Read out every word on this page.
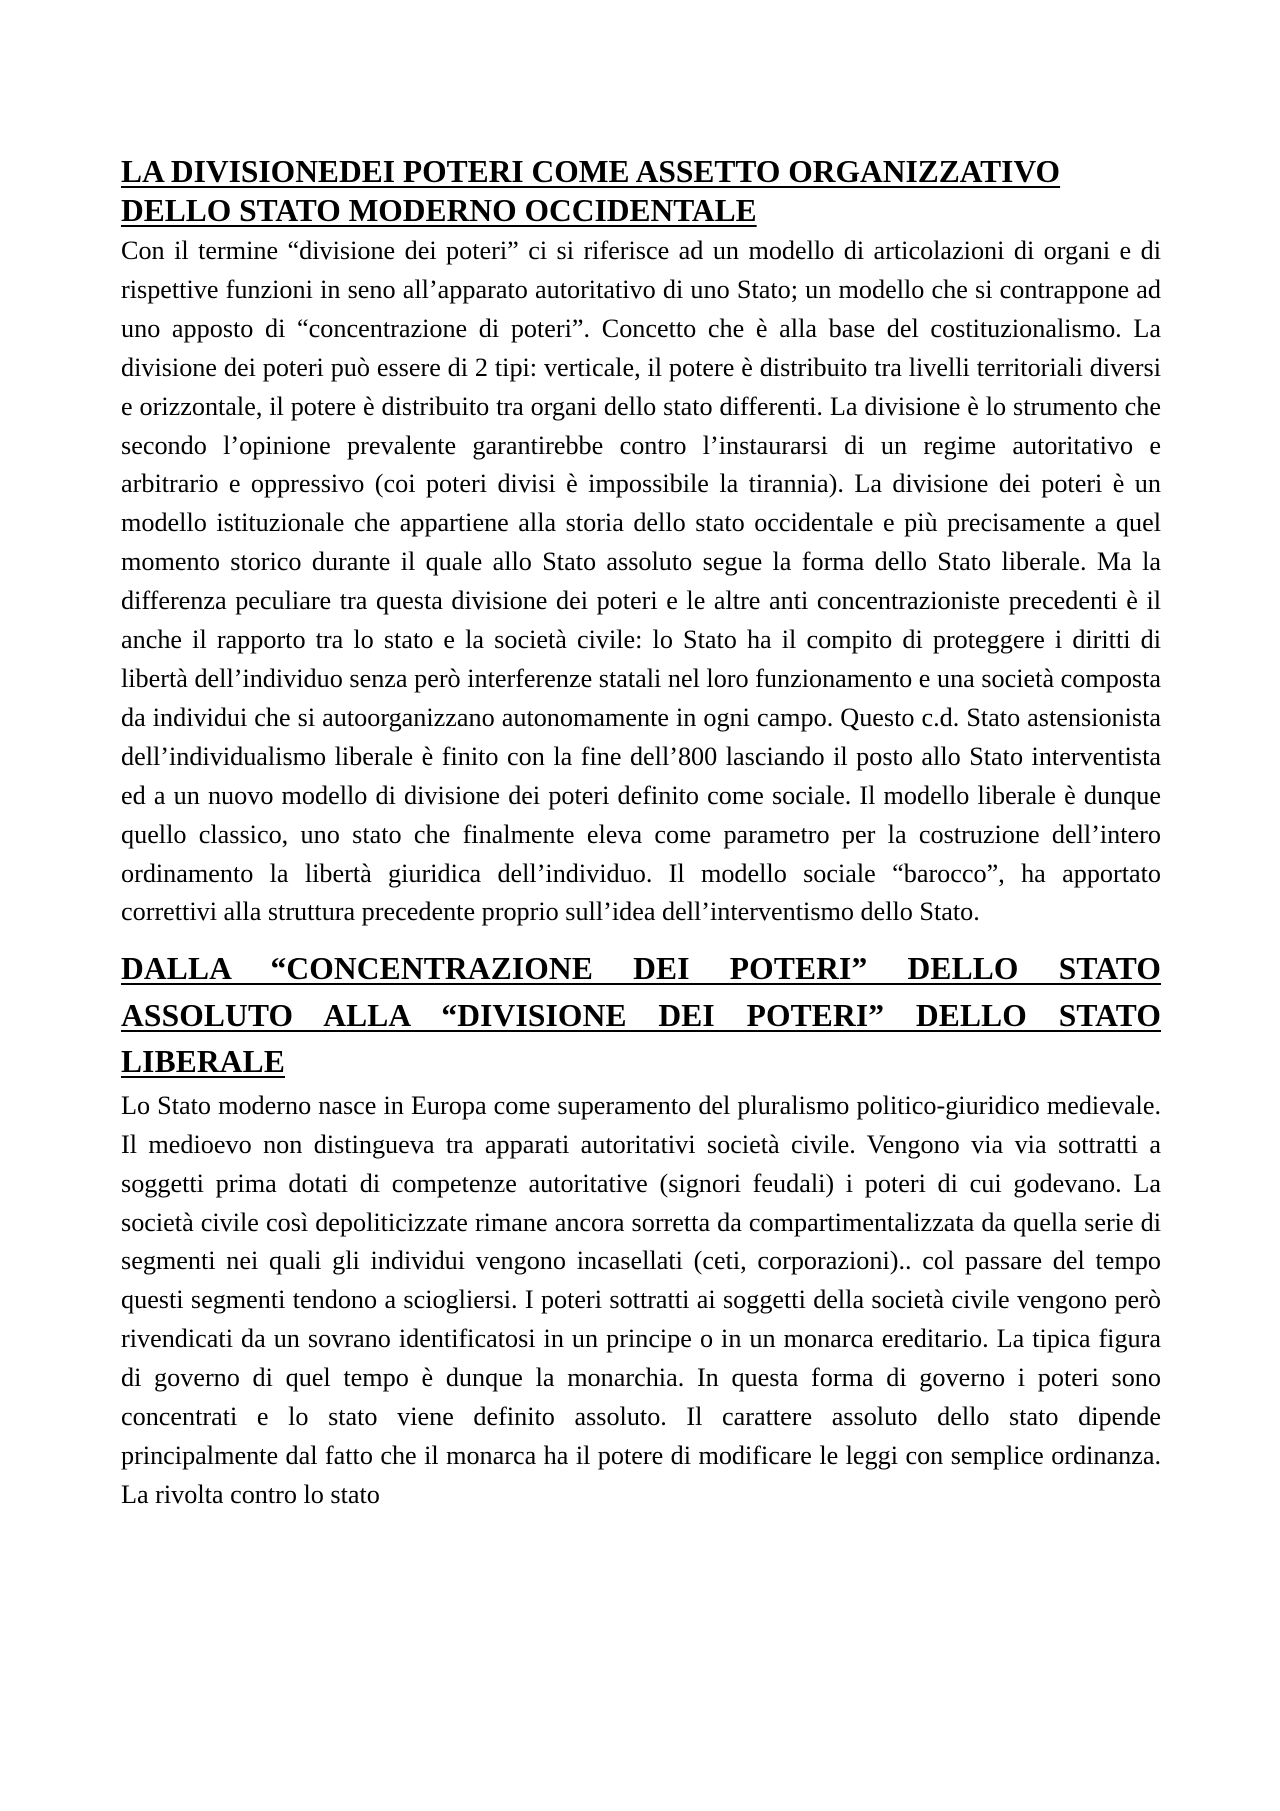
LA DIVISIONEDEI POTERI COME ASSETTO ORGANIZZATIVO DELLO STATO MODERNO OCCIDENTALE

Con il termine “divisione dei poteri” ci si riferisce ad un modello di articolazioni di organi e di rispettive funzioni in seno all’apparato autoritativo di uno Stato; un modello che si contrappone ad uno apposto di “concentrazione di poteri”. Concetto che è alla base del costituzionalismo. La divisione dei poteri può essere di 2 tipi: verticale, il potere è distribuito tra livelli territoriali diversi e orizzontale, il potere è distribuito tra organi dello stato differenti. La divisione è lo strumento che secondo l’opinione prevalente garantirebbe contro l’instaurarsi di un regime autoritativo e arbitrario e oppressivo (coi poteri divisi è impossibile la tirannia). La divisione dei poteri è un modello istituzionale che appartiene alla storia dello stato occidentale e più precisamente a quel momento storico durante il quale allo Stato assoluto segue la forma dello Stato liberale. Ma la differenza peculiare tra questa divisione dei poteri e le altre anti concentrazioniste precedenti è il anche il rapporto tra lo stato e la società civile: lo Stato ha il compito di proteggere i diritti di libertà dell’individuo senza però interferenze statali nel loro funzionamento e una società composta da individui che si autoorganizzano autonomamente in ogni campo. Questo c.d. Stato astensionista dell’individualismo liberale è finito con la fine dell’800 lasciando il posto allo Stato interventista ed a un nuovo modello di divisione dei poteri definito come sociale. Il modello liberale è dunque quello classico, uno stato che finalmente eleva come parametro per la costruzione dell’intero ordinamento la libertà giuridica dell’individuo. Il modello sociale “barocco”, ha apportato correttivi alla struttura precedente proprio sull’idea dell’interventismo dello Stato.

DALLA “CONCENTRAZIONE DEI POTERI” DELLO STATO ASSOLUTO ALLA “DIVISIONE DEI POTERI” DELLO STATO LIBERALE

Lo Stato moderno nasce in Europa come superamento del pluralismo politico-giuridico medievale. Il medioevo non distingueva tra apparati autoritativi società civile. Vengono via via sottratti a soggetti prima dotati di competenze autoritative (signori feudali) i poteri di cui godevano. La società civile così depoliticizzate rimane ancora sorretta da compartimentalizzata da quella serie di segmenti nei quali gli individui vengono incasellati (ceti, corporazioni).. col passare del tempo questi segmenti tendono a sciogliersi. I poteri sottratti ai soggetti della società civile vengono però rivendicati da un sovrano identificatosi in un principe o in un monarca ereditario. La tipica figura di governo di quel tempo è dunque la monarchia. In questa forma di governo i poteri sono concentrati e lo stato viene definito assoluto. Il carattere assoluto dello stato dipende principalmente dal fatto che il monarca ha il potere di modificare le leggi con semplice ordinanza. La rivolta contro lo stato
